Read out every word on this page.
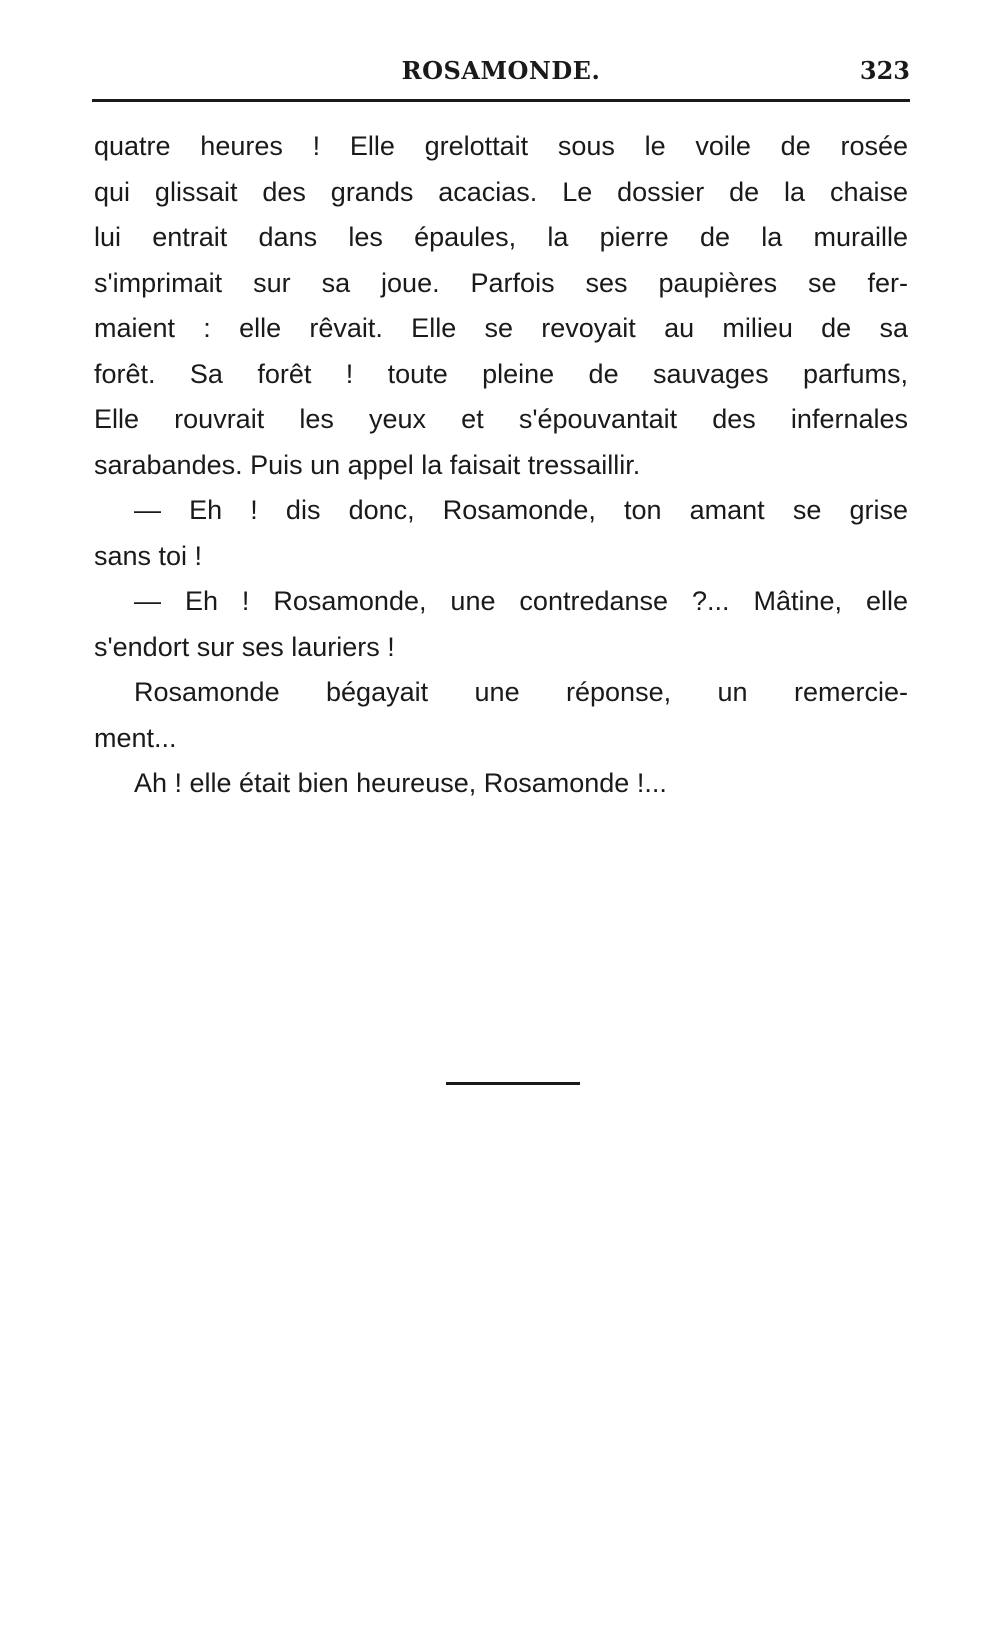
ROSAMONDE.	323
quatre heures ! Elle grelottait sous le voile de rosée
qui glissait des grands acacias. Le dossier de la chaise
lui entrait dans les épaules, la pierre de la muraille
s'imprimait sur sa joue. Parfois ses paupières se fer-
maient : elle rêvait. Elle se revoyait au milieu de sa
forêt. Sa forêt ! toute pleine de sauvages parfums,
Elle rouvrait les yeux et s'épouvantait des infernales
sarabandes. Puis un appel la faisait tressaillir.
— Eh ! dis donc, Rosamonde, ton amant se grise
sans toi !
— Eh ! Rosamonde, une contredanse ?... Mâtine, elle
s'endort sur ses lauriers !
Rosamonde bégayait une réponse, un remercie-
ment...
Ah ! elle était bien heureuse, Rosamonde !...
